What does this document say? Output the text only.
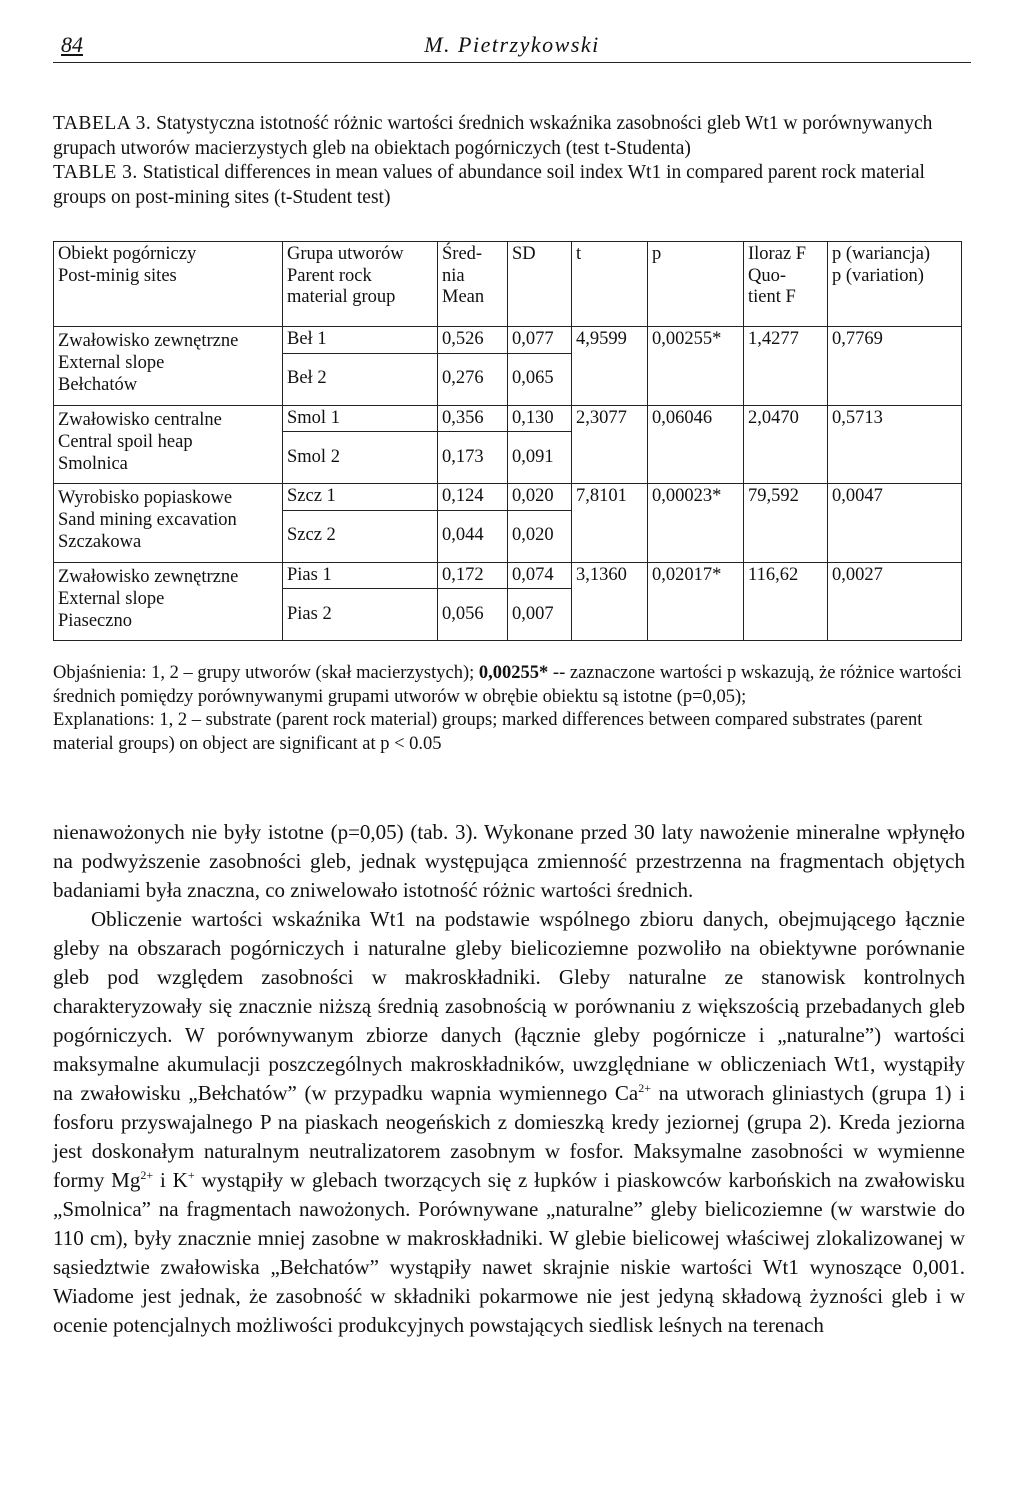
84	M. Pietrzykowski

TABELA 3. Statystyczna istotność różnic wartości średnich wskaźnika zasobności gleb Wt1 w porównywanych grupach utworów macierzystych gleb na obiektach pogórniczych (test t-Studenta)

TABLE 3. Statistical differences in mean values of abundance soil index Wt1 in compared parent rock material groups on post-mining sites (t-Student test)

Obiekt pogórniczy
Post-minig sites	Grupa utworów
Parent rock
material group	Śred-
nia
Mean	SD	t	p	Iloraz F
Quo-
tient F	p (wariancja)
p (variation)
Zwałowisko zewnętrzne
External slope
Bełchatów	Beł 1	0,526	0,077	4,9599	0,00255*	1,4277	0,7769
	Beł 2	0,276	0,065				
Zwałowisko centralne
Central spoil heap
Smolnica	Smol 1	0,356	0,130	2,3077	0,06046	2,0470	0,5713
	Smol 2	0,173	0,091				
Wyrobisko popiaskowe
Sand mining excavation
Szczakowa	Szcz 1	0,124	0,020	7,8101	0,00023*	79,592	0,0047
	Szcz 2	0,044	0,020				
Zwałowisko zewnętrzne
External slope
Piaseczno	Pias 1	0,172	0,074	3,1360	0,02017*	116,62	0,0027
	Pias 2	0,056	0,007				

Objaśnienia: 1, 2 – grupy utworów (skał macierzystych); 0,00255* -- zaznaczone wartości p wskazują, że różnice wartości średnich pomiędzy porównywanymi grupami utworów w obrębie obiektu są istotne (p=0,05);

Explanations: 1, 2 – substrate (parent rock material) groups; marked differences between compared substrates (parent material groups) on object are significant at p < 0.05

nienawożonych nie były istotne (p=0,05) (tab. 3). Wykonane przed 30 laty nawożenie mineralne wpłynęło na podwyższenie zasobności gleb, jednak występująca zmienność przestrzenna na fragmentach objętych badaniami była znaczna, co zniwelowało istotność różnic wartości średnich.

Obliczenie wartości wskaźnika Wt1 na podstawie wspólnego zbioru danych, obejmującego łącznie gleby na obszarach pogórniczych i naturalne gleby bielicoziemne pozwoliło na obiektywne porównanie gleb pod względem zasobności w makroskładniki. Gleby naturalne ze stanowisk kontrolnych charakteryzowały się znacznie niższą średnią zasobnością w porównaniu z większością przebadanych gleb pogórniczych. W porównywanym zbiorze danych (łącznie gleby pogórnicze i „naturalne”) wartości maksymalne akumulacji poszczególnych makroskładników, uwzględniane w obliczeniach Wt1, wystąpiły na zwałowisku „Bełchatów” (w przypadku wapnia wymiennego $Ca^{2+}$ na utworach gliniastych (grupa 1) i fosforu przyswajalnego P na piaskach neogeńskich z domieszką kredy jeziornej (grupa 2). Kreda jeziorna jest doskonałym naturalnym neutralizatorem zasobnym w fosfor. Maksymalne zasobności w wymienne formy $Mg^{2+}$ i K+ wystąpiły w glebach tworzących się z łupków i piaskowców karbońskich na zwałowisku „Smolnica” na fragmentach nawożonych. Porównywane „naturalne” gleby bielicoziemne (w warstwie do 110 cm), były znacznie mniej zasobne w makroskładniki. W glebie bielicowej właściwej zlokalizowanej w sąsiedztwie zwałowiska „Bełchatów” wystąpiły nawet skrajnie niskie wartości Wt1 wynoszące 0,001. Wiadome jest jednak, że zasobność w składniki pokarmowe nie jest jedyną składową żyzności gleb i w ocenie potencjalnych możliwości produkcyjnych powstających siedlisk leśnych na terenach
